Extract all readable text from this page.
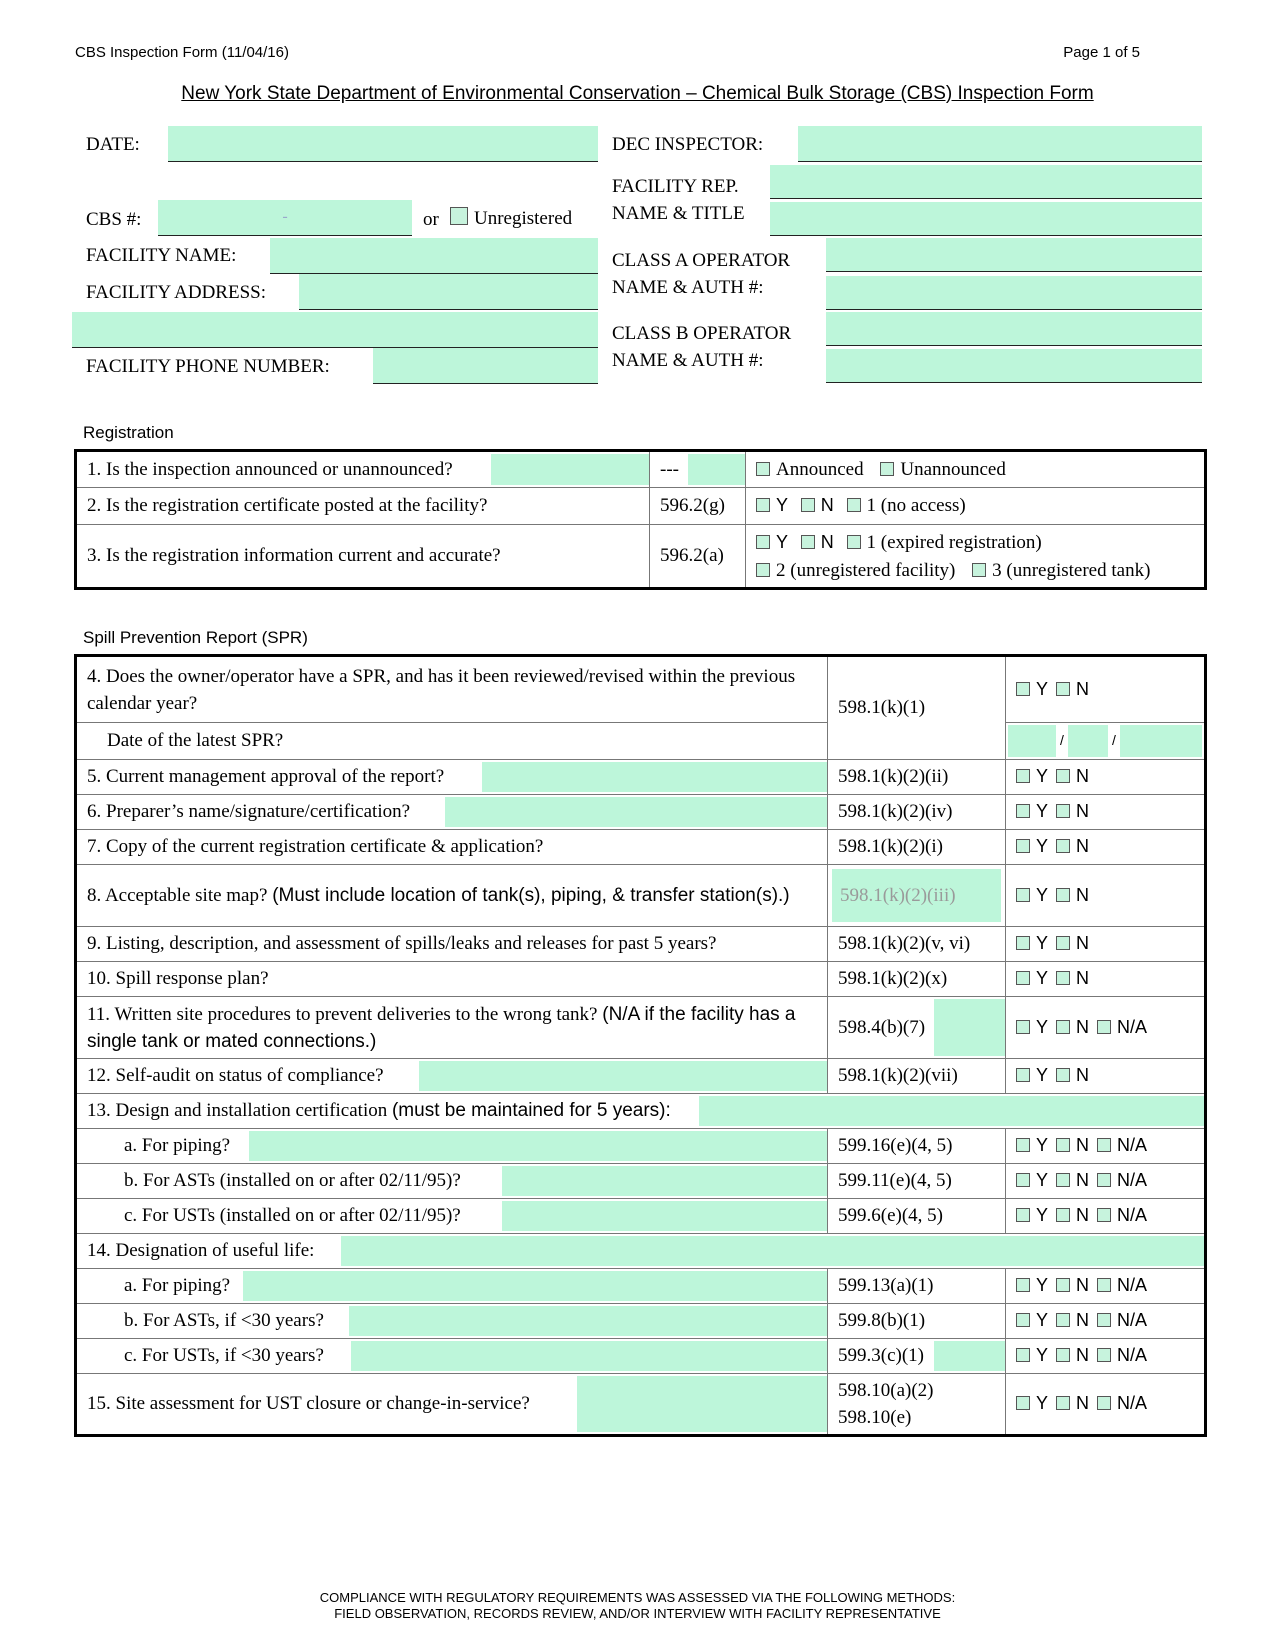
CBS Inspection Form (11/04/16)	Page 1 of 5
New York State Department of Environmental Conservation – Chemical Bulk Storage (CBS) Inspection Form
DATE:
CBS #:	-	or	Unregistered
FACILITY NAME:
FACILITY ADDRESS:
FACILITY PHONE NUMBER:
DEC INSPECTOR:
FACILITY REP.
NAME & TITLE
CLASS A OPERATOR
NAME & AUTH #:
CLASS B OPERATOR
NAME & AUTH #:
Registration
1. Is the inspection announced or unannounced?	---	Announced Unannounced
2. Is the registration certificate posted at the facility?	596.2(g)	Y N 1 (no access)
3. Is the registration information current and accurate?	596.2(a)	Y N 1 (expired registration)
2 (unregistered facility) 3 (unregistered tank)
Spill Prevention Report (SPR)
4. Does the owner/operator have a SPR, and has it been reviewed/revised within the previous calendar year?	598.1(k)(1)	Y N
Date of the latest SPR?		/ /

5. Current management approval of the report?	598.1(k)(2)(ii)	Y N
6. Preparer’s name/signature/certification?	598.1(k)(2)(iv)	Y N
7. Copy of the current registration certificate & application?	598.1(k)(2)(i)	Y N
8. Acceptable site map? (Must include location of tank(s), piping, & transfer station(s).)	598.1(k)(2)(iii)	Y N
9. Listing, description, and assessment of spills/leaks and releases for past 5 years?	598.1(k)(2)(v, vi)	Y N
10. Spill response plan?	598.1(k)(2)(x)	Y N
11. Written site procedures to prevent deliveries to the wrong tank? (N/A if the facility has a single tank or mated connections.)	598.4(b)(7)	Y N N/A
12. Self-audit on status of compliance?	598.1(k)(2)(vii)	Y N
13. Design and installation certification (must be maintained for 5 years):		

a. For piping?	599.16(e)(4, 5)	Y N N/A
b. For ASTs (installed on or after 02/11/95)?	599.11(e)(4, 5)	Y N N/A
c. For USTs (installed on or after 02/11/95)?	599.6(e)(4, 5)	Y N N/A
14. Designation of useful life:		

a. For piping?	599.13(a)(1)	Y N N/A
b. For ASTs, if <30 years?	599.8(b)(1)	Y N N/A
c. For USTs, if <30 years?	599.3(c)(1)	Y N N/A
15. Site assessment for UST closure or change-in-service?	598.10(a)(2)
598.10(e)	Y N N/A
COMPLIANCE WITH REGULATORY REQUIREMENTS WAS ASSESSED VIA THE FOLLOWING METHODS:
FIELD OBSERVATION, RECORDS REVIEW, AND/OR INTERVIEW WITH FACILITY REPRESENTATIVE
